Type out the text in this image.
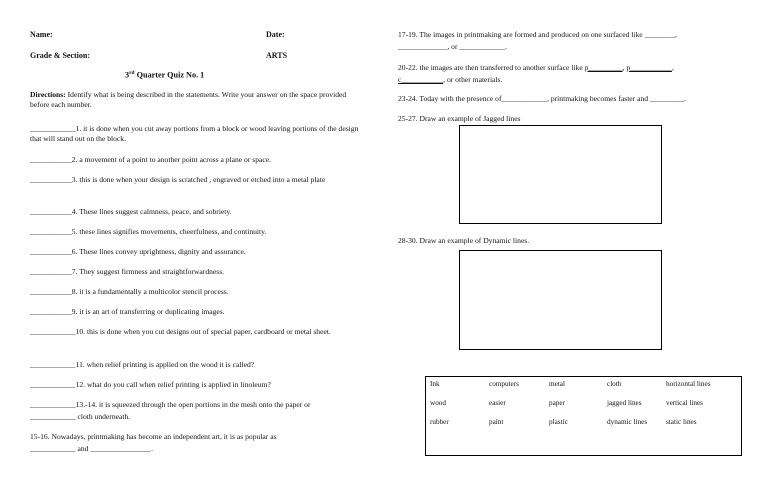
Name:	Date:
Grade & Section:	ARTS
3rd Quarter Quiz No. 1
Directions: Identify what is being described in the statements. Write your answer on the space provided before each number.
____________1. it is done when you cut away portions from a block or wood leaving portions of the design that will stand out on the block.
___________2. a movement of a point to another point across a plane or space.
___________3. this is done when your design is scratched , engraved or etched into a metal plate
___________4. These lines suggest calmness, peace, and sobriety.
___________5. these lines signifies movements, cheerfulness, and continuity.
___________6. These lines convey uprightness, dignity and assurance.
___________7. They suggest firmness and straightforwardness.
___________8. it is a fundamentally a multicolor stencil process.
___________9. it is an art of transferring or duplicating images.
____________10. this is done when you cut designs out of special paper, cardboard or metal sheet.
____________11. when relief printing is applied on the wood it is called?
____________12. what do you call when relief printing is applied in linoleum?
____________13.-14. it is squeezed through the open portions in the mesh onto the paper or
____________ cloth underneath.
15-16. Nowadays, printmaking has become an independent art, it is as popular as
____________ and ________________.
17-19. The images in printmaking are formed and produced on one surfaced like ________,
_____________, or ____________.
20-22. the images are then transferred to another surface like p_________, p___________,
c___________, or other materials.
23-24. Today with the presence of____________, printmaking becomes faster and _________.
25-27. Draw an example of Jagged lines
28-30. Draw an example of Dynamic lines.
Ink	computers	metal	cloth	horizontal lines
wood	easier	paper	jagged lines	vertical lines
rubber	paint	plastic	dynamic lines	static lines
